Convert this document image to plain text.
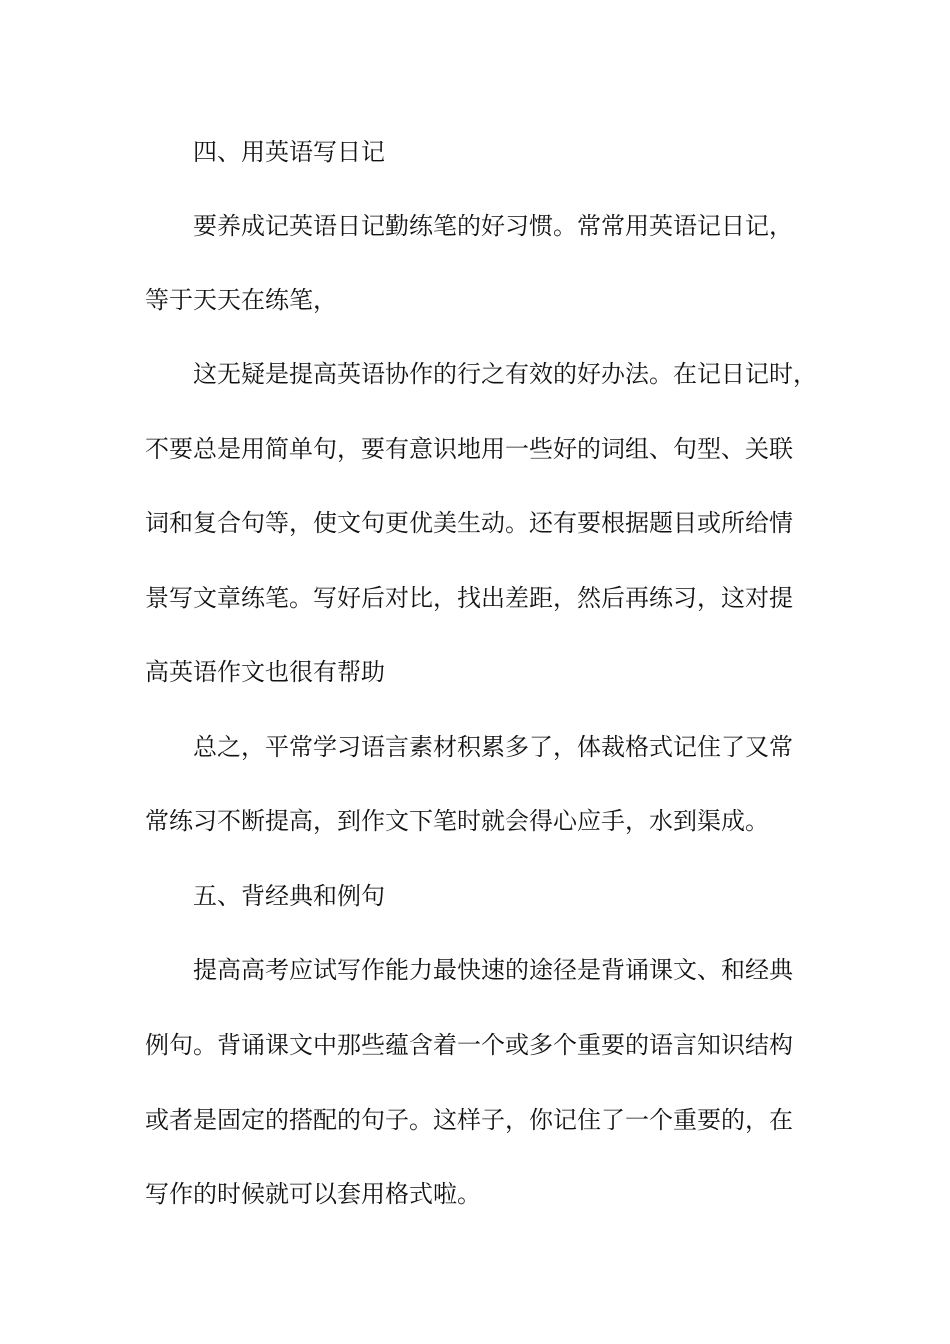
四、用英语写日记
要养成记英语日记勤练笔的好习惯。常常用英语记日记，
等于天天在练笔，
这无疑是提高英语协作的行之有效的好办法。在记日记时，
不要总是用简单句，要有意识地用一些好的词组、句型、关联
词和复合句等，使文句更优美生动。还有要根据题目或所给情
景写文章练笔。写好后对比，找出差距，然后再练习，这对提
高英语作文也很有帮助
总之，平常学习语言素材积累多了，体裁格式记住了又常
常练习不断提高，到作文下笔时就会得心应手，水到渠成。
五、背经典和例句
提高高考应试写作能力最快速的途径是背诵课文、和经典
例句。背诵课文中那些蕴含着一个或多个重要的语言知识结构
或者是固定的搭配的句子。这样子，你记住了一个重要的，在
写作的时候就可以套用格式啦。
